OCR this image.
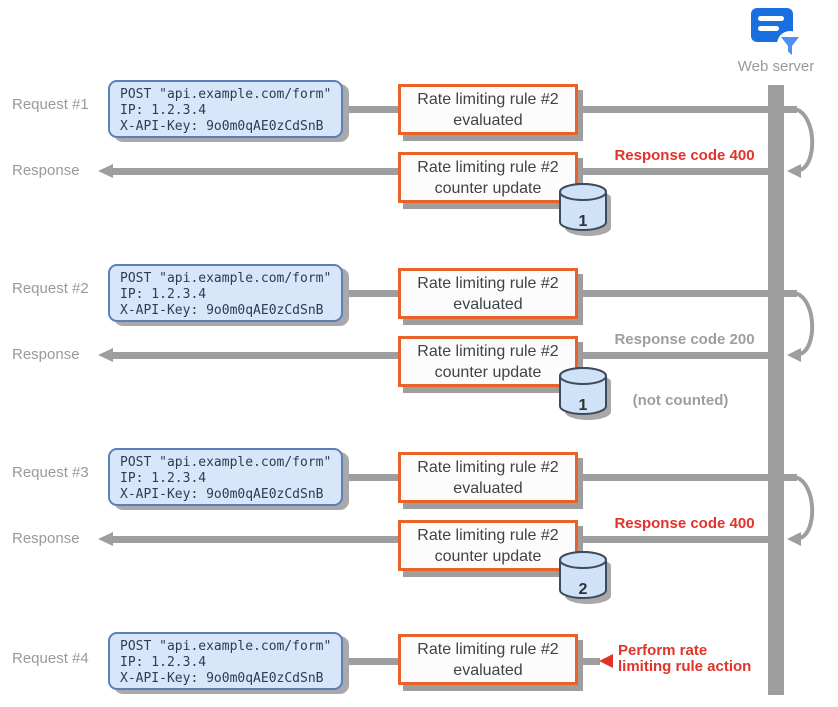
Web server
Request #1
POST "api.example.com/form"
IP: 1.2.3.4
X-API-Key: 9o0m0qAE0zCdSnB
Rate limiting rule #2
evaluated
Response	Rate limiting rule #2
counter update
Response code 400
1
Request #2
POST "api.example.com/form"
IP: 1.2.3.4
X-API-Key: 9o0m0qAE0zCdSnB
Rate limiting rule #2
evaluated
Response	Rate limiting rule #2
counter update
Response code 200
(not counted)
1
Request #3
POST "api.example.com/form"
IP: 1.2.3.4
X-API-Key: 9o0m0qAE0zCdSnB
Rate limiting rule #2
evaluated
Response	Rate limiting rule #2
counter update
Response code 400
2
Request #4
POST "api.example.com/form"
IP: 1.2.3.4
X-API-Key: 9o0m0qAE0zCdSnB
Rate limiting rule #2
evaluated
Perform rate
limiting rule action
